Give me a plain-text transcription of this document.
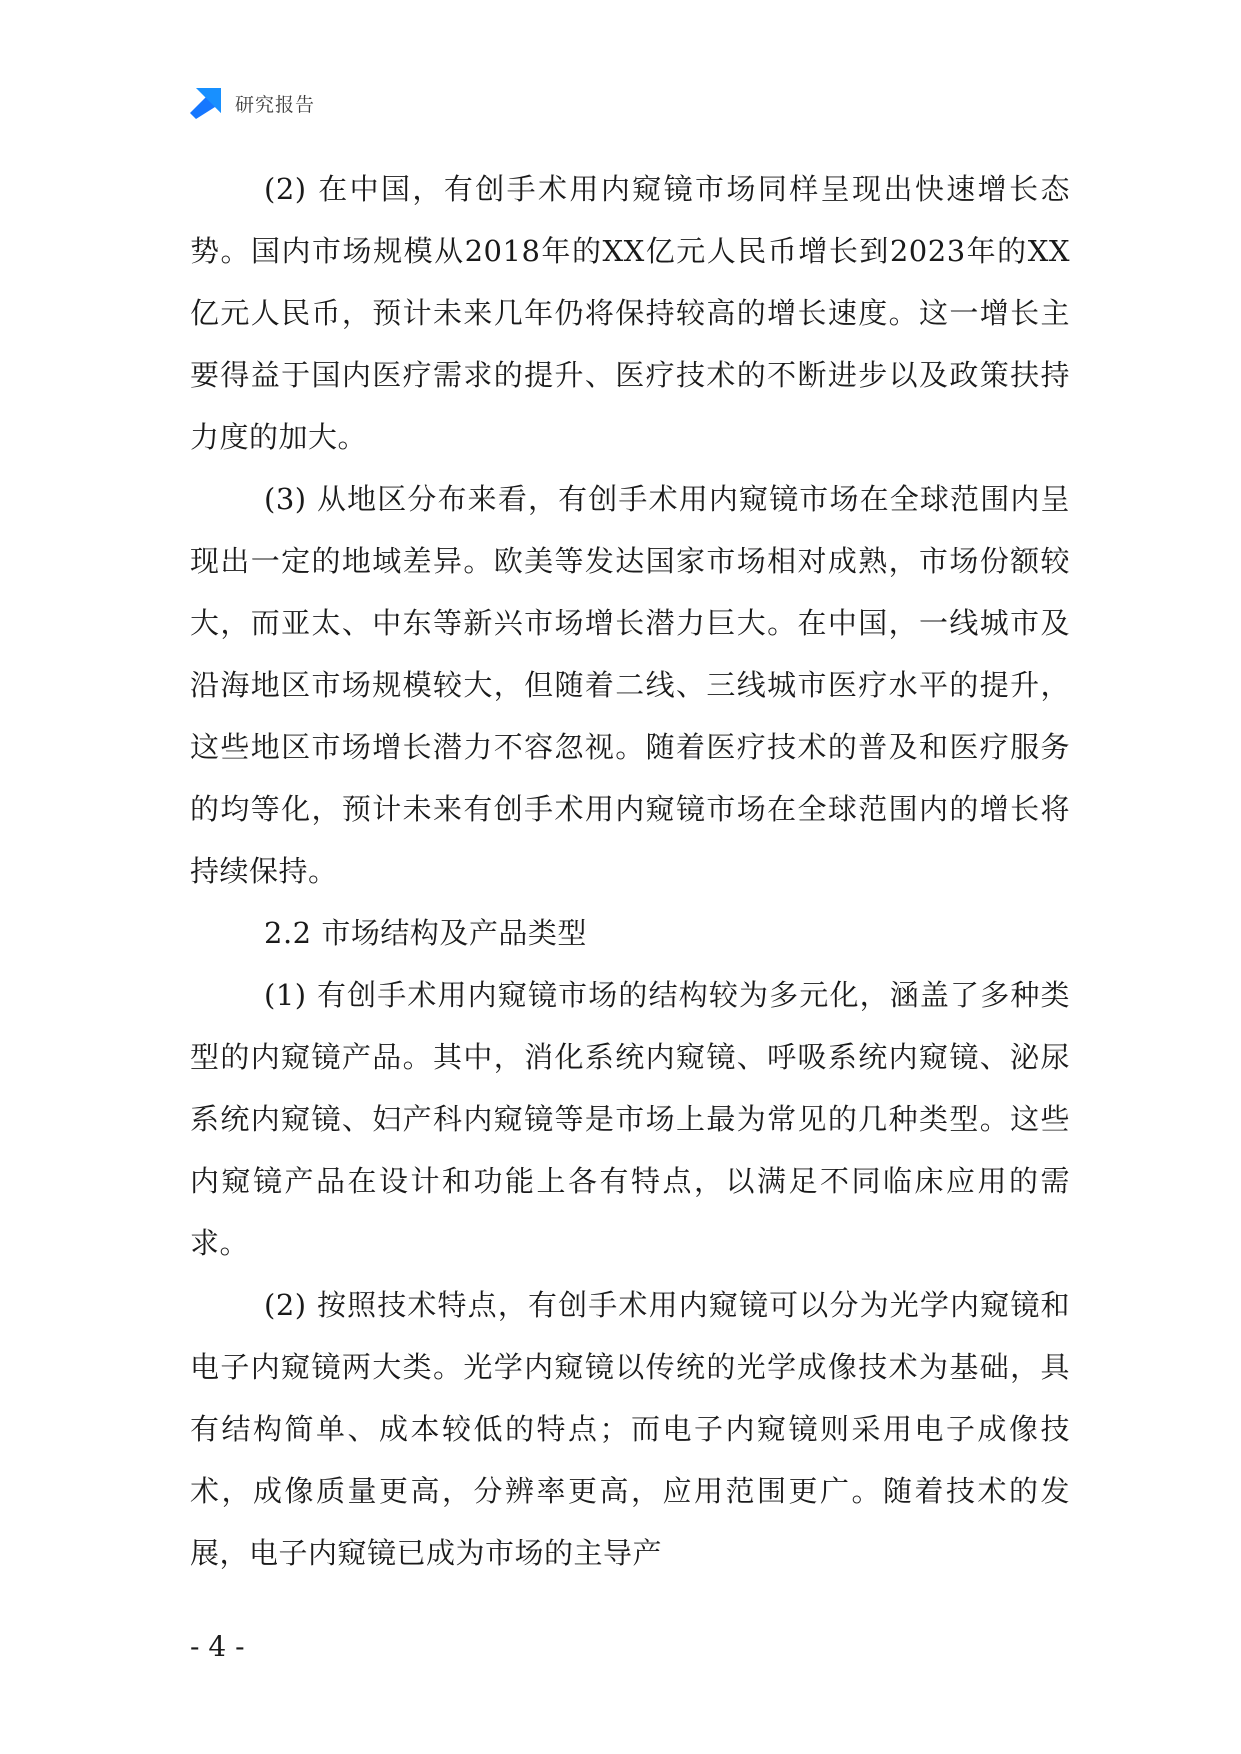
研究报告

(2) 在中国，有创手术用内窥镜市场同样呈现出快速增长态势。国内市场规模从2018年的XX亿元人民币增长到2023年的XX亿元人民币，预计未来几年仍将保持较高的增长速度。这一增长主要得益于国内医疗需求的提升、医疗技术的不断进步以及政策扶持力度的加大。

(3) 从地区分布来看，有创手术用内窥镜市场在全球范围内呈现出一定的地域差异。欧美等发达国家市场相对成熟，市场份额较大，而亚太、中东等新兴市场增长潜力巨大。在中国，一线城市及沿海地区市场规模较大，但随着二线、三线城市医疗水平的提升，这些地区市场增长潜力不容忽视。随着医疗技术的普及和医疗服务的均等化，预计未来有创手术用内窥镜市场在全球范围内的增长将持续保持。

2.2 市场结构及产品类型

(1) 有创手术用内窥镜市场的结构较为多元化，涵盖了多种类型的内窥镜产品。其中，消化系统内窥镜、呼吸系统内窥镜、泌尿系统内窥镜、妇产科内窥镜等是市场上最为常见的几种类型。这些内窥镜产品在设计和功能上各有特点，以满足不同临床应用的需求。

(2) 按照技术特点，有创手术用内窥镜可以分为光学内窥镜和电子内窥镜两大类。光学内窥镜以传统的光学成像技术为基础，具有结构简单、成本较低的特点；而电子内窥镜则采用电子成像技术，成像质量更高，分辨率更高，应用范围更广。随着技术的发展，电子内窥镜已成为市场的主导产

- 4 -
